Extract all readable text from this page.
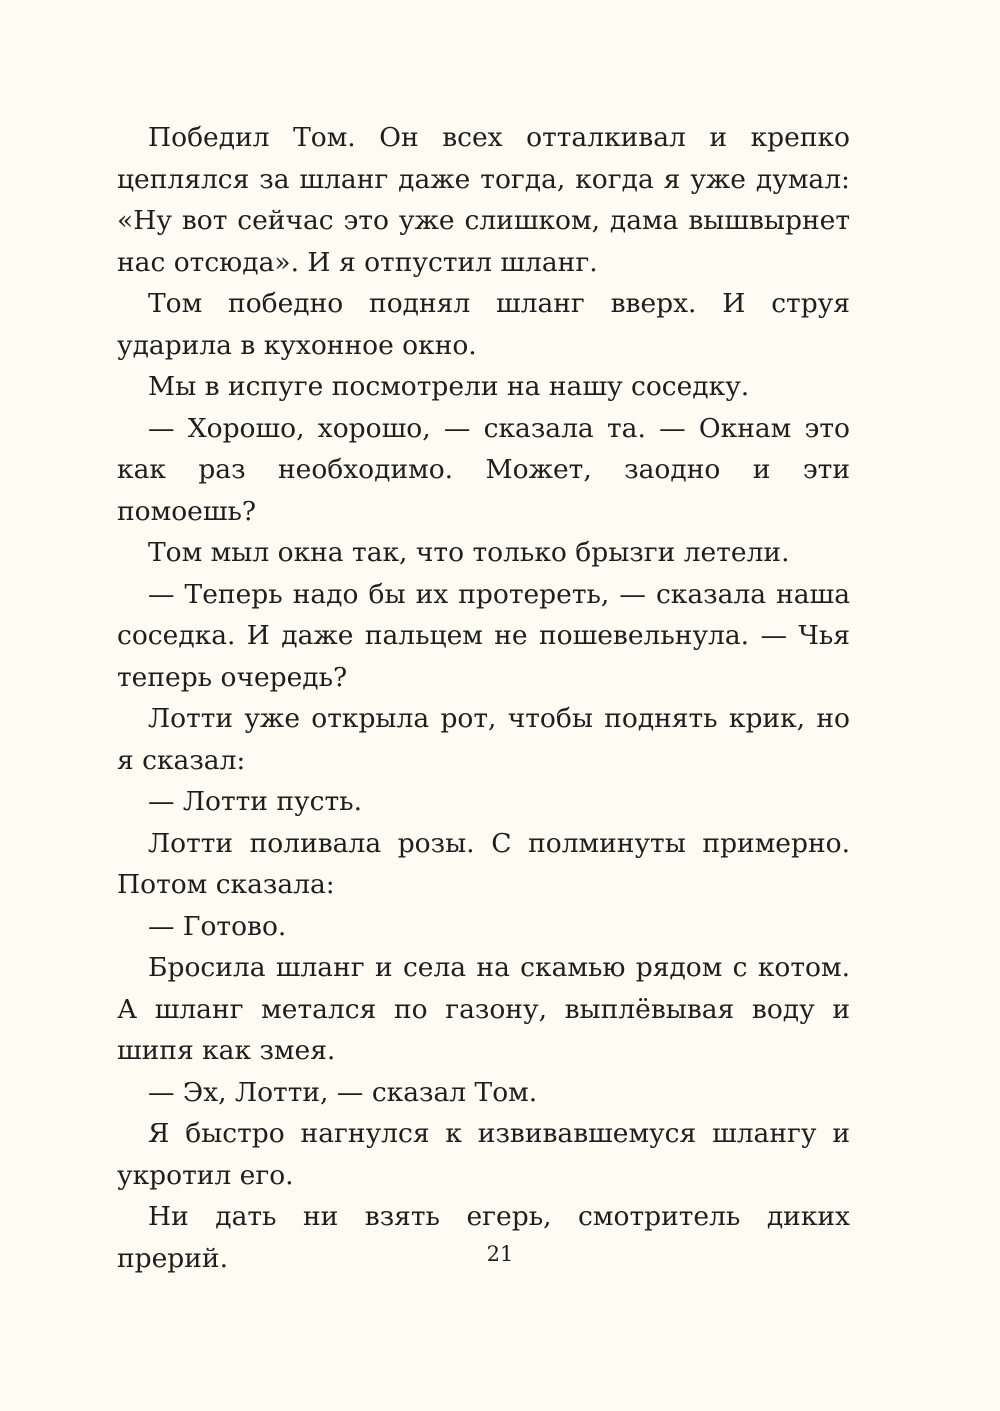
Победил Том. Он всех отталкивал и крепко цеплялся за шланг даже тогда, когда я уже думал: «Ну вот сейчас это уже слишком, дама вышвырнет нас отсюда». И я отпустил шланг.

Том победно поднял шланг вверх. И струя ударила в кухонное окно.

Мы в испуге посмотрели на нашу соседку.

— Хорошо, хорошо, — сказала та. — Окнам это как раз необходимо. Может, заодно и эти помоешь?

Том мыл окна так, что только брызги летели.

— Теперь надо бы их протереть, — сказала наша соседка. И даже пальцем не пошевельнула. — Чья теперь очередь?

Лотти уже открыла рот, чтобы поднять крик, но я сказал:

— Лотти пусть.

Лотти поливала розы. С полминуты примерно. Потом сказала:

— Готово.

Бросила шланг и села на скамью рядом с котом. А шланг метался по газону, выплёвывая воду и шипя как змея.

— Эх, Лотти, — сказал Том.

Я быстро нагнулся к извивавшемуся шлангу и укротил его.

Ни дать ни взять егерь, смотритель диких прерий.	21
